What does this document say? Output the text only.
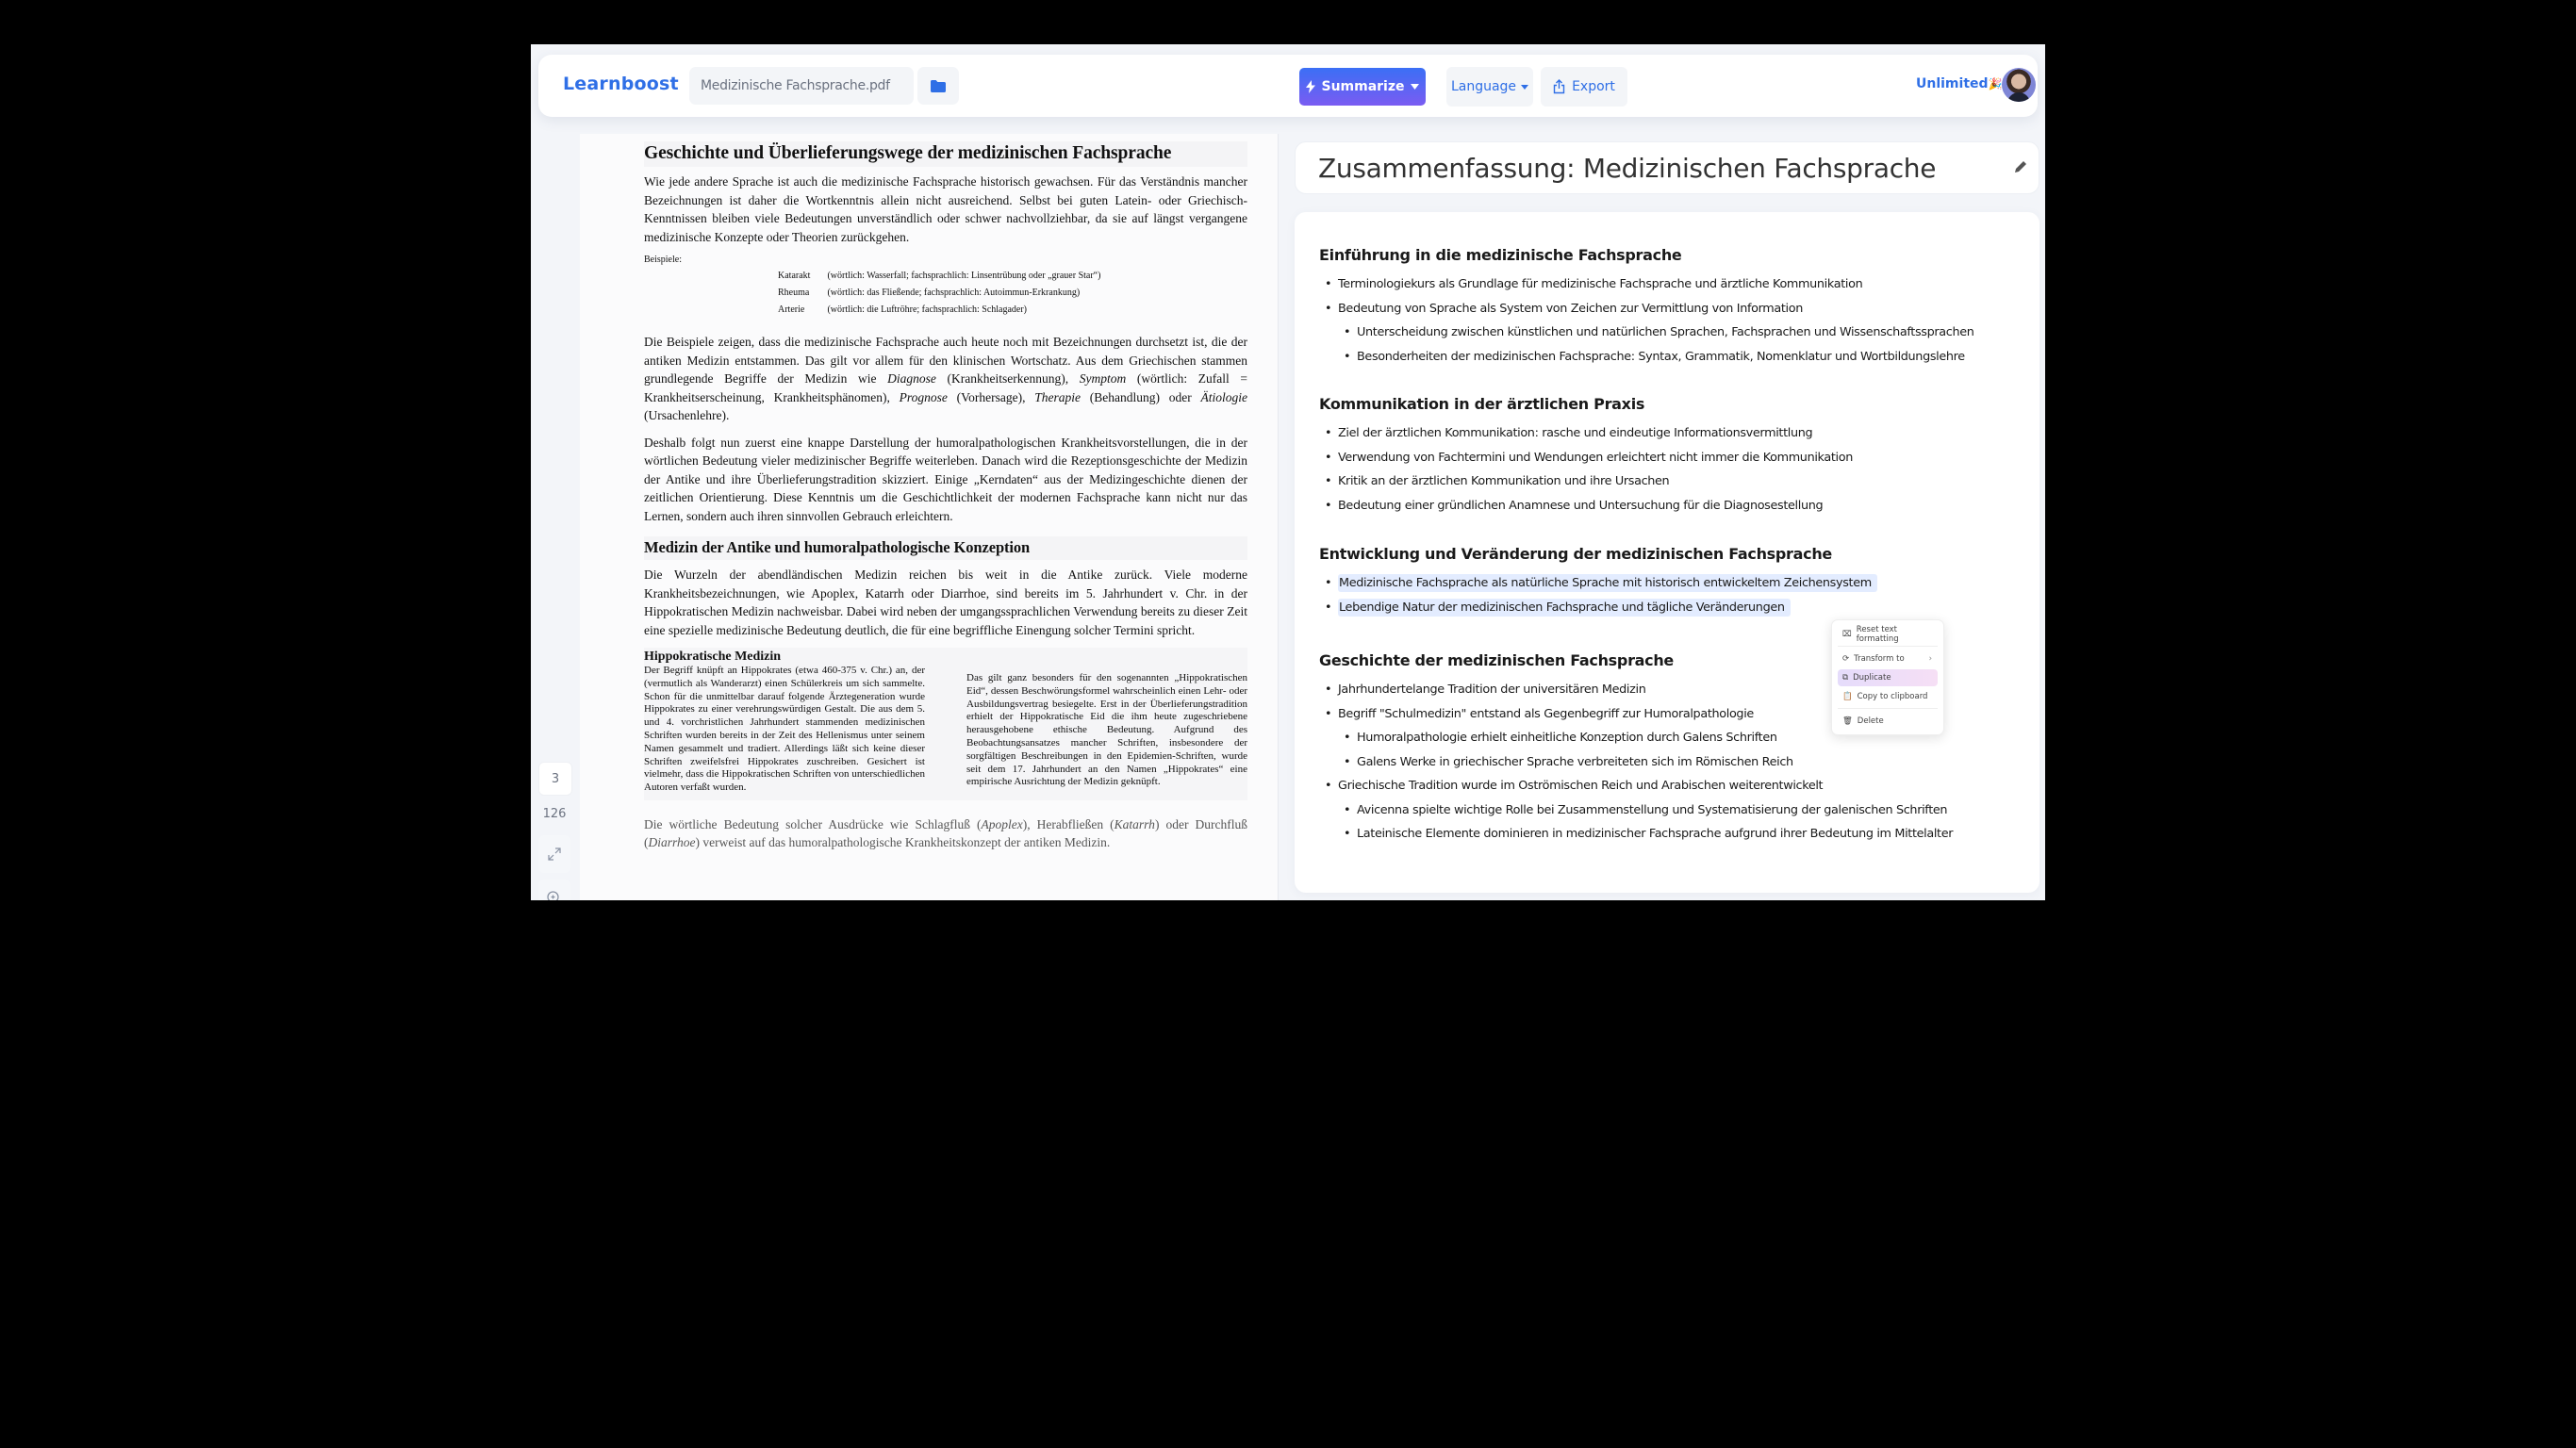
Learnboost	Medizinische Fachsprache.pdf	Summarize	Language	Export	Unlimited🎉
3
126
Geschichte und Überlieferungswege der medizinischen Fachsprache

Wie jede andere Sprache ist auch die medizinische Fachsprache historisch gewachsen. Für das Verständnis mancher Bezeichnungen ist daher die Wortkenntnis allein nicht ausreichend. Selbst bei guten Latein- oder Griechisch-Kenntnissen bleiben viele Bedeutungen unverständlich oder schwer nachvollziehbar, da sie auf längst vergangene medizinische Konzepte oder Theorien zurückgehen.

Beispiele:
Katarakt	(wörtlich: Wasserfall; fachsprachlich: Linsentrübung oder „grauer Star“)
Rheuma	(wörtlich: das Fließende; fachsprachlich: Autoimmun-Erkrankung)
Arterie	(wörtlich: die Luftröhre; fachsprachlich: Schlagader)

Die Beispiele zeigen, dass die medizinische Fachsprache auch heute noch mit Bezeichnungen durchsetzt ist, die der antiken Medizin entstammen. Das gilt vor allem für den klinischen Wortschatz. Aus dem Griechischen stammen grundlegende Begriffe der Medizin wie Diagnose (Krankheitserkennung), Symptom (wörtlich: Zufall = Krankheitserscheinung, Krankheitsphänomen), Prognose (Vorhersage), Therapie (Behandlung) oder Ätiologie (Ursachenlehre).

Deshalb folgt nun zuerst eine knappe Darstellung der humoralpathologischen Krankheitsvorstellungen, die in der wörtlichen Bedeutung vieler medizinischer Begriffe weiterleben. Danach wird die Rezeptionsgeschichte der Medizin der Antike und ihre Überlieferungstradition skizziert. Einige „Kerndaten“ aus der Medizingeschichte dienen der zeitlichen Orientierung. Diese Kenntnis um die Geschichtlichkeit der modernen Fachsprache kann nicht nur das Lernen, sondern auch ihren sinnvollen Gebrauch erleichtern.

Medizin der Antike und humoralpathologische Konzeption

Die Wurzeln der abendländischen Medizin reichen bis weit in die Antike zurück. Viele moderne Krankheitsbezeichnungen, wie Apoplex, Katarrh oder Diarrhoe, sind bereits im 5. Jahrhundert v. Chr. in der Hippokratischen Medizin nachweisbar. Dabei wird neben der umgangssprachlichen Verwendung bereits zu dieser Zeit eine spezielle medizinische Bedeutung deutlich, die für eine begriffliche Einengung solcher Termini spricht.

Hippokratische Medizin

Der Begriff knüpft an Hippokrates (etwa 460-375 v. Chr.) an, der (vermutlich als Wanderarzt) einen Schülerkreis um sich sammelte. Schon für die unmittelbar darauf folgende Ärztegeneration wurde Hippokrates zu einer verehrungswürdigen Gestalt. Die aus dem 5. und 4. vorchristlichen Jahrhundert stammenden medizinischen Schriften wurden bereits in der Zeit des Hellenismus unter seinem Namen gesammelt und tradiert. Allerdings läßt sich keine dieser Schriften zweifelsfrei Hippokrates zuschreiben. Gesichert ist vielmehr, dass die Hippokratischen Schriften von unterschiedlichen Autoren verfaßt wurden.

Das gilt ganz besonders für den sogenannten „Hippokratischen Eid“, dessen Beschwörungsformel wahrscheinlich einen Lehr- oder Ausbildungsvertrag besiegelte. Erst in der Überlieferungstradition erhielt der Hippokratische Eid die ihm heute zugeschriebene herausgehobene ethische Bedeutung. Aufgrund des Beobachtungsansatzes mancher Schriften, insbesondere der sorgfältigen Beschreibungen in den Epidemien-Schriften, wurde seit dem 17. Jahrhundert an den Namen „Hippokrates“ eine empirische Ausrichtung der Medizin geknüpft.

Die wörtliche Bedeutung solcher Ausdrücke wie Schlagfluß (Apoplex), Herabfließen (Katarrh) oder Durchfluß (Diarrhoe) verweist auf das humoralpathologische Krankheitskonzept der antiken Medizin.

Zusammenfassung: Medizinischen Fachsprache
Einführung in die medizinische Fachsprache
• Terminologiekurs als Grundlage für medizinische Fachsprache und ärztliche Kommunikation
• Bedeutung von Sprache als System von Zeichen zur Vermittlung von Information
• Unterscheidung zwischen künstlichen und natürlichen Sprachen, Fachsprachen und Wissenschaftssprachen
• Besonderheiten der medizinischen Fachsprache: Syntax, Grammatik, Nomenklatur und Wortbildungslehre
Kommunikation in der ärztlichen Praxis
• Ziel der ärztlichen Kommunikation: rasche und eindeutige Informationsvermittlung
• Verwendung von Fachtermini und Wendungen erleichtert nicht immer die Kommunikation
• Kritik an der ärztlichen Kommunikation und ihre Ursachen
• Bedeutung einer gründlichen Anamnese und Untersuchung für die Diagnosestellung
Entwicklung und Veränderung der medizinischen Fachsprache
• Medizinische Fachsprache als natürliche Sprache mit historisch entwickeltem Zeichensystem
• Lebendige Natur der medizinischen Fachsprache und tägliche Veränderungen
Geschichte der medizinischen Fachsprache
• Jahrhundertelange Tradition der universitären Medizin
• Begriff "Schulmedizin" entstand als Gegenbegriff zur Humoralpathologie
• Humoralpathologie erhielt einheitliche Konzeption durch Galens Schriften
• Galens Werke in griechischer Sprache verbreiteten sich im Römischen Reich
• Griechische Tradition wurde im Oströmischen Reich und Arabischen weiterentwickelt
• Avicenna spielte wichtige Rolle bei Zusammenstellung und Systematisierung der galenischen Schriften
• Lateinische Elemente dominieren in medizinischer Fachsprache aufgrund ihrer Bedeutung im Mittelalter
⌧ Reset text formatting
⟳ Transform to	›
⧉ Duplicate
📋 Copy to clipboard
🗑 Delete
